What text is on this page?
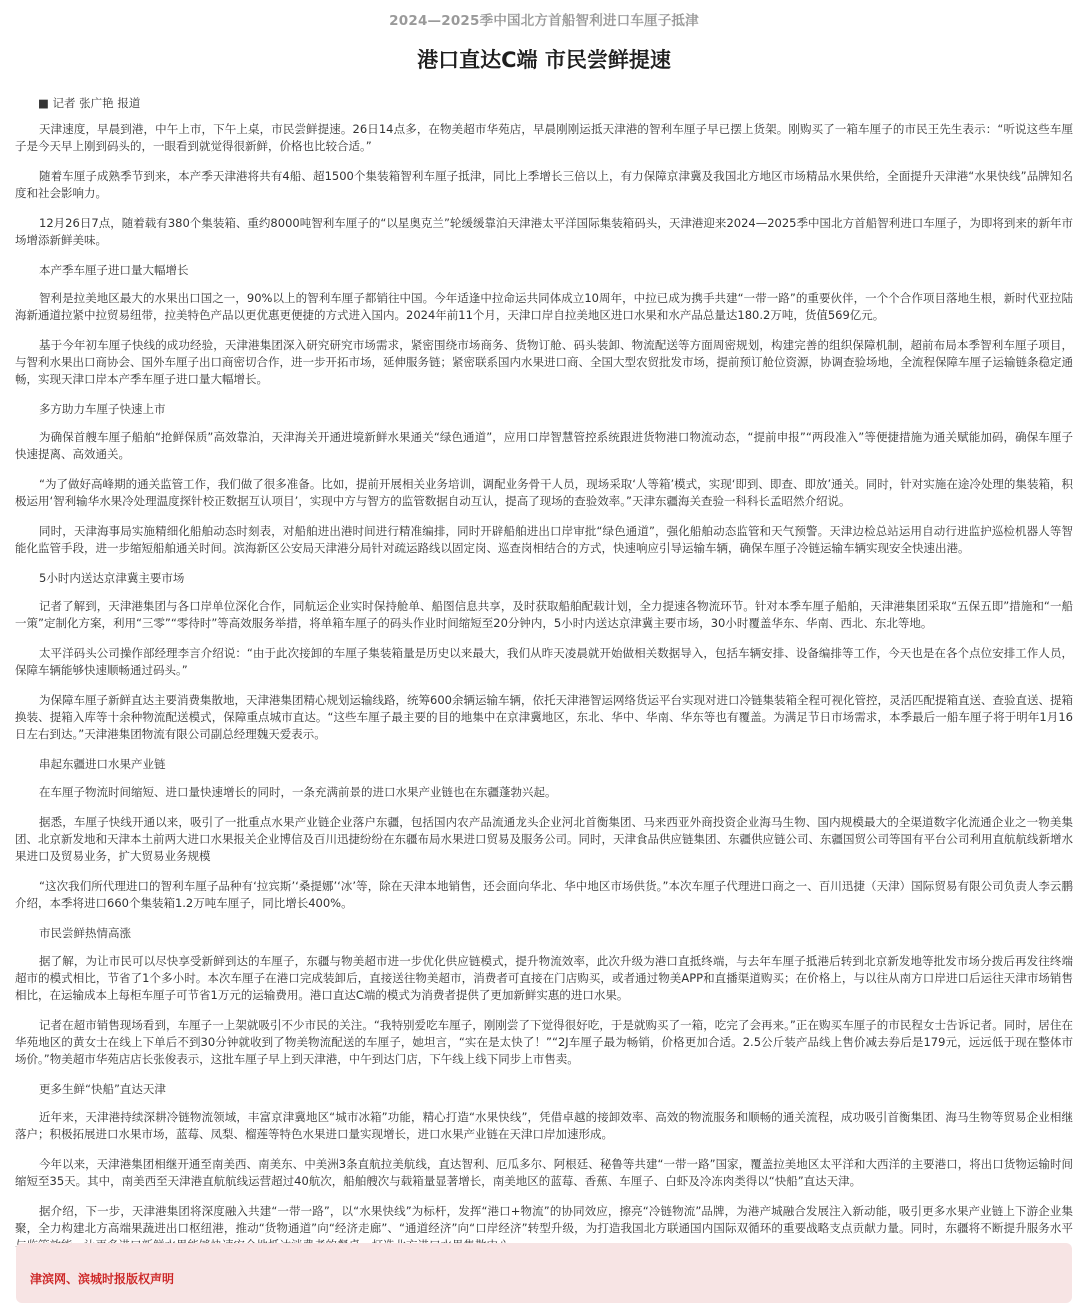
2024—2025季中国北方首船智利进口车厘子抵津
港口直达C端 市民尝鲜提速
■ 记者 张广艳 报道

天津速度，早晨到港，中午上市，下午上桌，市民尝鲜提速。26日14点多，在物美超市华苑店，早晨刚刚运抵天津港的智利车厘子早已摆上货架。刚购买了一箱车厘子的市民王先生表示：“听说这些车厘子是今天早上刚到码头的，一眼看到就觉得很新鲜，价格也比较合适。”

随着车厘子成熟季节到来，本产季天津港将共有4船、超1500个集装箱智利车厘子抵津，同比上季增长三倍以上，有力保障京津冀及我国北方地区市场精品水果供给，全面提升天津港“水果快线”品牌知名度和社会影响力。

12月26日7点，随着载有380个集装箱、重约8000吨智利车厘子的“以星奥克兰”轮缓缓靠泊天津港太平洋国际集装箱码头，天津港迎来2024—2025季中国北方首船智利进口车厘子，为即将到来的新年市场增添新鲜美味。

本产季车厘子进口量大幅增长

智利是拉美地区最大的水果出口国之一，90%以上的智利车厘子都销往中国。今年适逢中拉命运共同体成立10周年，中拉已成为携手共建“一带一路”的重要伙伴，一个个合作项目落地生根，新时代亚拉陆海新通道拉紧中拉贸易纽带，拉美特色产品以更优惠更便捷的方式进入国内。2024年前11个月，天津口岸自拉美地区进口水果和水产品总量达180.2万吨，货值569亿元。

基于今年初车厘子快线的成功经验，天津港集团深入研究研究市场需求，紧密围绕市场商务、货物订舱、码头装卸、物流配送等方面周密规划，构建完善的组织保障机制，超前布局本季智利车厘子项目，与智利水果出口商协会、国外车厘子出口商密切合作，进一步开拓市场，延伸服务链；紧密联系国内水果进口商、全国大型农贸批发市场，提前预订舱位资源，协调查验场地，全流程保障车厘子运输链条稳定通畅，实现天津口岸本产季车厘子进口量大幅增长。

多方助力车厘子快速上市

为确保首艘车厘子船舶“抢鲜保质”高效靠泊，天津海关开通进境新鲜水果通关“绿色通道”，应用口岸智慧管控系统跟进货物港口物流动态，“提前申报”“两段准入”等便捷措施为通关赋能加码，确保车厘子快速提离、高效通关。

“为了做好高峰期的通关监管工作，我们做了很多准备。比如，提前开展相关业务培训，调配业务骨干人员，现场采取‘人等箱’模式，实现‘即到、即查、即放’通关。同时，针对实施在途冷处理的集装箱，积极运用‘智利输华水果冷处理温度探针校正数据互认项目’，实现中方与智方的监管数据自动互认，提高了现场的查验效率。”天津东疆海关查验一科科长孟昭然介绍说。

同时，天津海事局实施精细化船舶动态时刻表，对船舶进出港时间进行精准编排，同时开辟船舶进出口岸审批“绿色通道”，强化船舶动态监管和天气预警。天津边检总站运用自动行进监护巡检机器人等智能化监管手段，进一步缩短船舶通关时间。滨海新区公安局天津港分局针对疏运路线以固定岗、巡查岗相结合的方式，快速响应引导运输车辆，确保车厘子冷链运输车辆实现安全快速出港。

5小时内送达京津冀主要市场

记者了解到，天津港集团与各口岸单位深化合作，同航运企业实时保持舱单、船图信息共享，及时获取船舶配载计划，全力提速各物流环节。针对本季车厘子船舶，天津港集团采取“五保五即”措施和“一船一策”定制化方案，利用“三零”“零待时”等高效服务举措，将单箱车厘子的码头作业时间缩短至20分钟内，5小时内送达京津冀主要市场，30小时覆盖华东、华南、西北、东北等地。

太平洋码头公司操作部经理李言介绍说：“由于此次接卸的车厘子集装箱量是历史以来最大，我们从昨天凌晨就开始做相关数据导入，包括车辆安排、设备编排等工作，今天也是在各个点位安排工作人员，保障车辆能够快速顺畅通过码头。”

为保障车厘子新鲜直达主要消费集散地，天津港集团精心规划运输线路，统筹600余辆运输车辆，依托天津港智运网络货运平台实现对进口冷链集装箱全程可视化管控，灵活匹配提箱直送、查验直送、提箱换装、提箱入库等十余种物流配送模式，保障重点城市直达。“这些车厘子最主要的目的地集中在京津冀地区，东北、华中、华南、华东等也有覆盖。为满足节日市场需求，本季最后一船车厘子将于明年1月16日左右到达。”天津港集团物流有限公司副总经理魏天爱表示。

串起东疆进口水果产业链

在车厘子物流时间缩短、进口量快速增长的同时，一条充满前景的进口水果产业链也在东疆蓬勃兴起。

据悉，车厘子快线开通以来，吸引了一批重点水果产业链企业落户东疆，包括国内农产品流通龙头企业河北首衡集团、马来西亚外商投资企业海马生物、国内规模最大的全渠道数字化流通企业之一物美集团、北京新发地和天津本土前两大进口水果报关企业博信及百川迅捷纷纷在东疆布局水果进口贸易及服务公司。同时，天津食品供应链集团、东疆供应链公司、东疆国贸公司等国有平台公司利用直航航线新增水果进口及贸易业务，扩大贸易业务规模

“这次我们所代理进口的智利车厘子品种有‘拉宾斯’‘桑提娜’‘冰’等，除在天津本地销售，还会面向华北、华中地区市场供货。”本次车厘子代理进口商之一、百川迅捷（天津）国际贸易有限公司负责人李云鹏介绍，本季将进口660个集装箱1.2万吨车厘子，同比增长400%。

市民尝鲜热情高涨

据了解，为让市民可以尽快享受新鲜到达的车厘子，东疆与物美超市进一步优化供应链模式，提升物流效率，此次升级为港口直抵终端，与去年车厘子抵港后转到北京新发地等批发市场分拨后再发往终端超市的模式相比，节省了1个多小时。本次车厘子在港口完成装卸后，直接送往物美超市，消费者可直接在门店购买，或者通过物美APP和直播渠道购买；在价格上，与以往从南方口岸进口后运往天津市场销售相比，在运输成本上每柜车厘子可节省1万元的运输费用。港口直达C端的模式为消费者提供了更加新鲜实惠的进口水果。

记者在超市销售现场看到，车厘子一上架就吸引不少市民的关注。“我特别爱吃车厘子，刚刚尝了下觉得很好吃，于是就购买了一箱，吃完了会再来。”正在购买车厘子的市民程女士告诉记者。同时，居住在华苑地区的黄女士在线上下单后不到30分钟就收到了物美物流配送的车厘子，她坦言，“实在是太快了！”“2J车厘子最为畅销，价格更加合适。2.5公斤装产品线上售价减去券后是179元，远远低于现在整体市场价。”物美超市华苑店店长张俊表示，这批车厘子早上到天津港，中午到达门店，下午线上线下同步上市售卖。

更多生鲜“快船”直达天津

近年来，天津港持续深耕冷链物流领域，丰富京津冀地区“城市冰箱”功能，精心打造“水果快线”，凭借卓越的接卸效率、高效的物流服务和顺畅的通关流程，成功吸引首衡集团、海马生物等贸易企业相继落户；积极拓展进口水果市场，蓝莓、凤梨、榴莲等特色水果进口量实现增长，进口水果产业链在天津口岸加速形成。

今年以来，天津港集团相继开通至南美西、南美东、中美洲3条直航拉美航线，直达智利、厄瓜多尔、阿根廷、秘鲁等共建“一带一路”国家，覆盖拉美地区太平洋和大西洋的主要港口，将出口货物运输时间缩短至35天。其中，南美西至天津港直航航线运营超过40航次，船舶艘次与载箱量显著增长，南美地区的蓝莓、香蕉、车厘子、白虾及冷冻肉类得以“快船”直达天津。

据介绍，下一步，天津港集团将深度融入共建“一带一路”，以“水果快线”为标杆，发挥“港口+物流”的协同效应，擦亮“冷链物流”品牌，为港产城融合发展注入新动能，吸引更多水果产业链上下游企业集聚，全力构建北方高端果蔬进出口枢纽港，推动“货物通道”向“经济走廊”、“通道经济”向“口岸经济”转型升级，为打造我国北方联通国内国际双循环的重要战略支点贡献力量。同时，东疆将不断提升服务水平

津滨网、滨城时报版权声明
